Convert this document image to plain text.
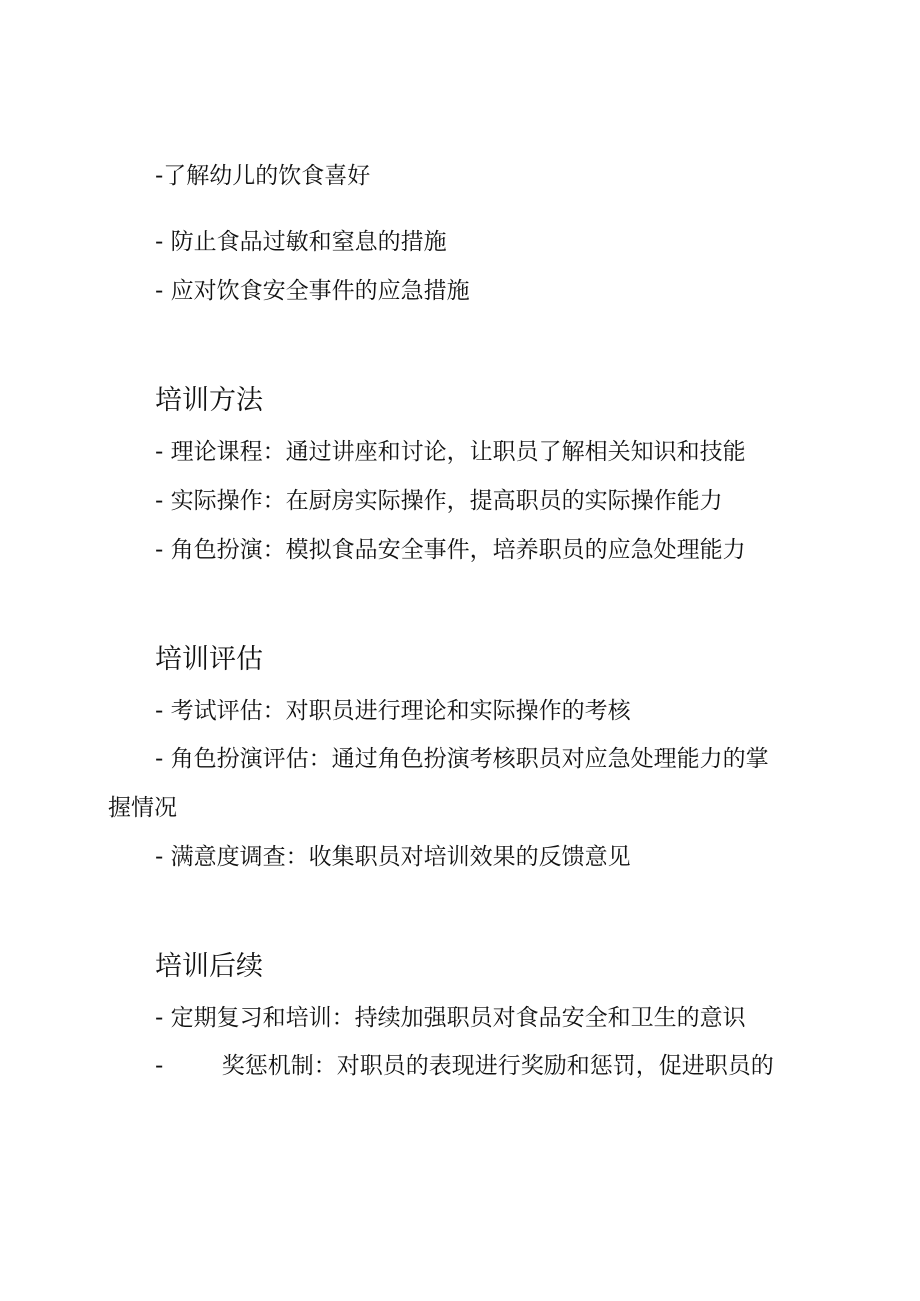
-了解幼儿的饮食喜好
- 防止食品过敏和窒息的措施
- 应对饮食安全事件的应急措施
培训方法
- 理论课程：通过讲座和讨论，让职员了解相关知识和技能
- 实际操作：在厨房实际操作，提高职员的实际操作能力
- 角色扮演：模拟食品安全事件，培养职员的应急处理能力
培训评估
- 考试评估：对职员进行理论和实际操作的考核
- 角色扮演评估：通过角色扮演考核职员对应急处理能力的掌
握情况
- 满意度调查：收集职员对培训效果的反馈意见
培训后续
- 定期复习和培训：持续加强职员对食品安全和卫生的意识
-        奖惩机制：对职员的表现进行奖励和惩罚，促进职员的
